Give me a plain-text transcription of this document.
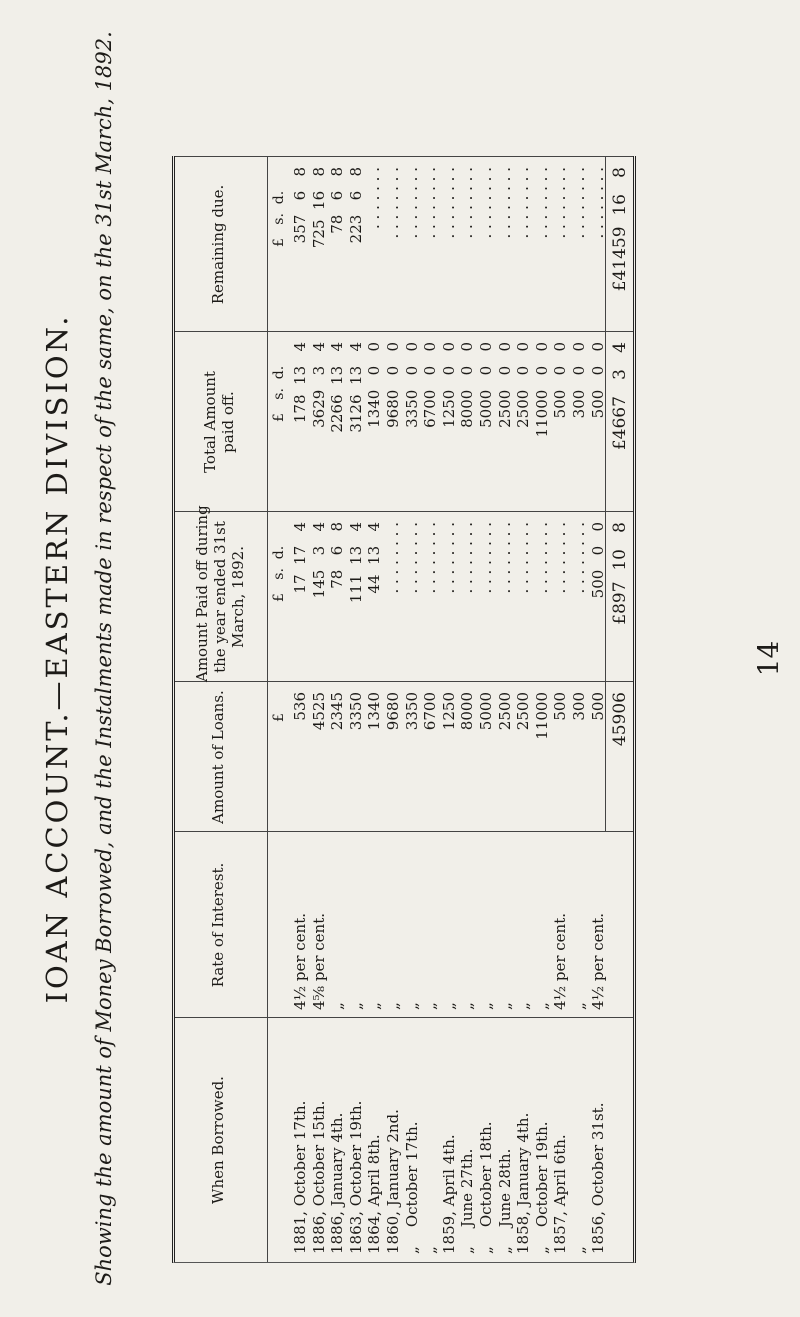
IOAN ACCOUNT.—EASTERN DIVISION. Showing the amount of Money Borrowed, and the Instalments made in respect of the same, on the 31st March, 1892.	When Borrowed.
Rate of Interest.
Amount of Loans.
Amount Paid off during
the year ended 31st
March, 1892.
Total Amount
paid off.
Remaining due.
£
£   s.  d.
£   s.  d.
£   s.  d.
1881, October 17th.
4½ per cent.
536
17  17   4
178  13   4
357   6   8
1886, October 15th.
4⅝ per cent.
4525
145   3   4
3629   3   4
725  16   8
1886, January 4th.
„
2345
78   6   8
2266  13   4
78   6   8
1863, October 19th.
„
3350
111  13   4
3126  13   4
223   6   8
1864, April 8th.
„
1340
44  13   4
1340   0   0
. . . . . . .
1860, January 2nd.
„
9680
. . . . . . . .
9680   0   0
. . . . . . . .
„    October 17th.
„
3350
. . . . . . . .
3350   0   0
. . . . . . . .
„
„
6700
. . . . . . . .
6700   0   0
. . . . . . . .
1859, April 4th.
„
1250
. . . . . . . .
1250   0   0
. . . . . . . .
„    June 27th.
„
8000
. . . . . . . .
8000   0   0
. . . . . . . .
„    October 18th.
„
5000
. . . . . . . .
5000   0   0
. . . . . . . .
„    June 28th.
„
2500
. . . . . . . .
2500   0   0
. . . . . . . .
1858, January 4th.
„
2500
. . . . . . . .
2500   0   0
. . . . . . . .
„    October 19th.
„
11000
. . . . . . . .
11000   0   0
. . . . . . . .
1857, April 6th.
4½ per cent.
500
. . . . . . . .
500   0   0
. . . . . . . .
„
„
300
. . . . . . . .
300   0   0
. . . . . . . .
1856, October 31st.
4½ per cent.
500
500   0   0
500   0   0
. . . . . . . .
45906
£897  10   8
£4667   3   4
£41459  16   8
14
